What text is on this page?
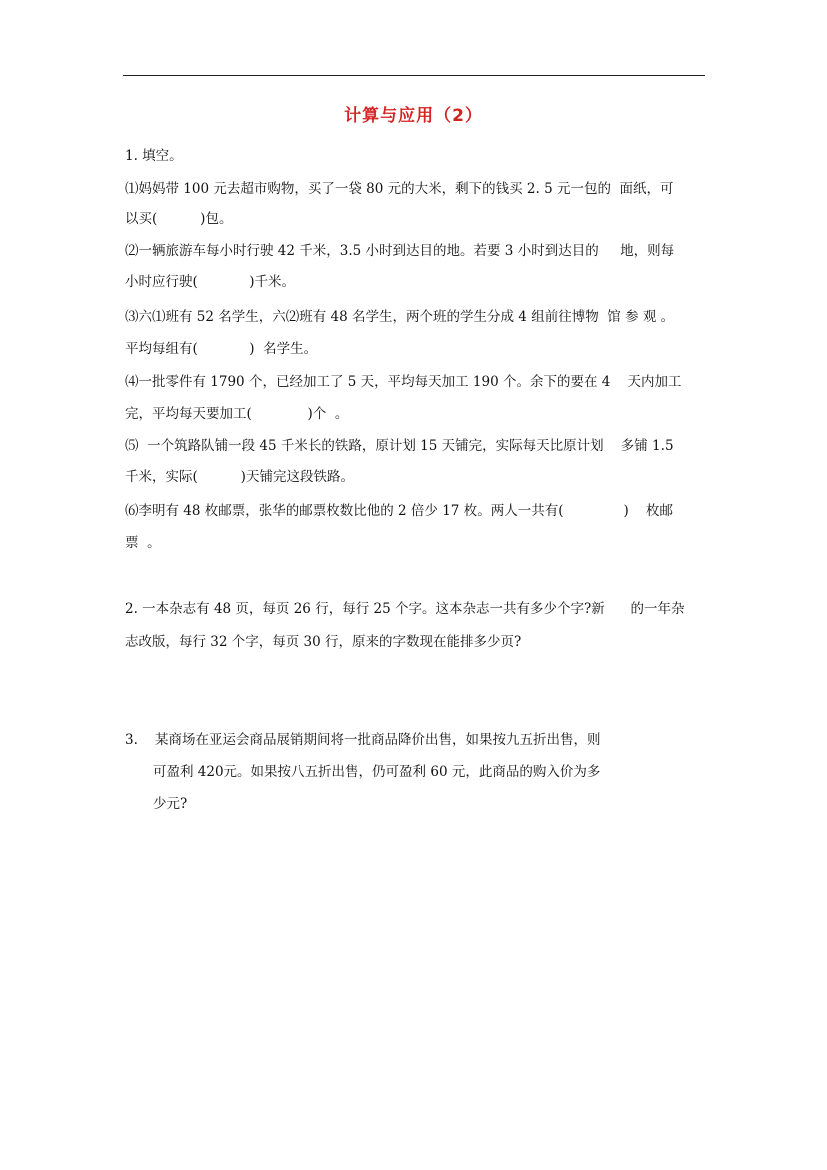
计算与应用（2）
1. 填空。
⑴妈妈带 100 元去超市购物，买了一袋 80 元的大米，剩下的钱买 2. 5 元一包的  面纸，可
以买(          )包。
⑵一辆旅游车每小时行驶 42 千米，3.5 小时到达目的地。若要 3 小时到达目的     地，则每
小时应行驶(            )千米。
⑶六⑴班有 52 名学生，六⑵班有 48 名学生，两个班的学生分成 4 组前往博物  馆 参 观 。
平均每组有(            )  名学生。
⑷一批零件有 1790 个，已经加工了 5 天，平均每天加工 190 个。余下的要在 4    天内加工
完，平均每天要加工(             )个  。
⑸  一个筑路队铺一段 45 千米长的铁路，原计划 15 天铺完，实际每天比原计划    多铺 1.5
千米，实际(          )天铺完这段铁路。
⑹李明有 48 枚邮票，张华的邮票枚数比他的 2 倍少 17 枚。两人一共有(              )    枚邮
票  。
2. 一本杂志有 48 页，每页 26 行，每行 25 个字。这本杂志一共有多少个字?新      的一年杂
志改版，每行 32 个字，每页 30 行，原来的字数现在能排多少页?
3.    某商场在亚运会商品展销期间将一批商品降价出售，如果按九五折出售，则
可盈利 420元。如果按八五折出售，仍可盈利 60 元，此商品的购入价为多
少元?
